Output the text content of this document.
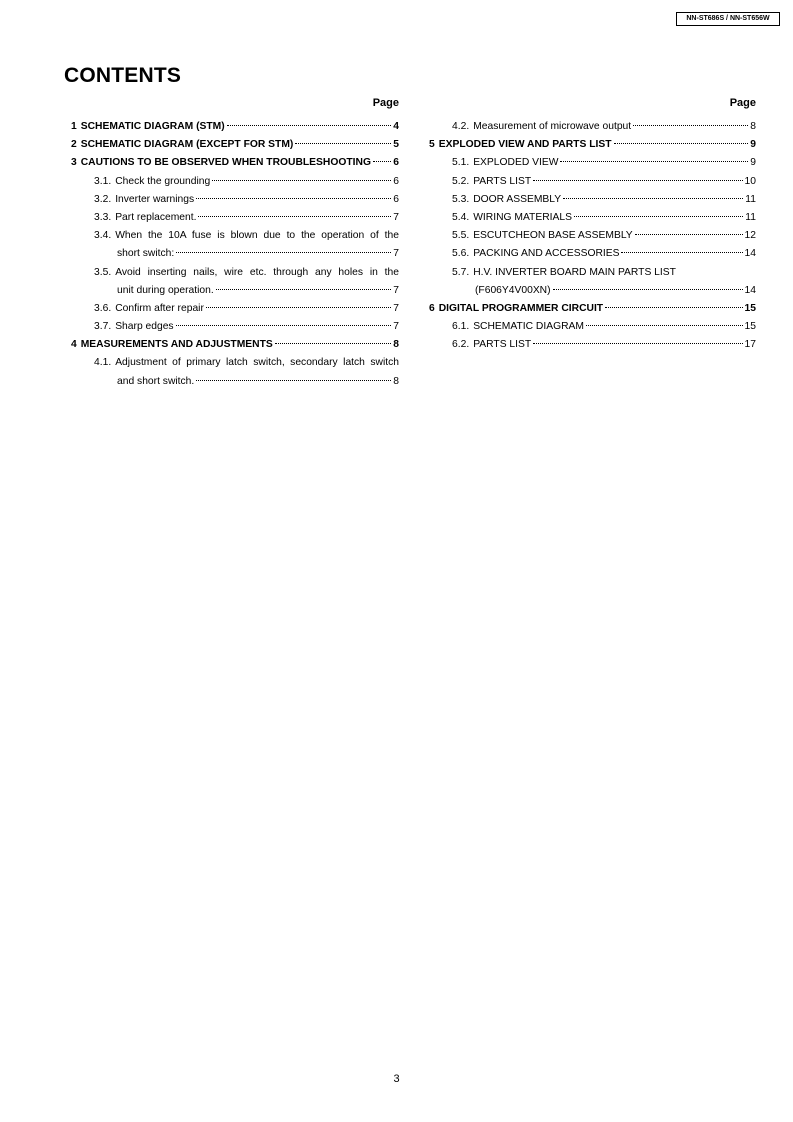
NN-ST686S / NN-ST656W
CONTENTS
Page
1 SCHEMATIC DIAGRAM (STM)	4
2 SCHEMATIC DIAGRAM (EXCEPT FOR STM)	5
3 CAUTIONS TO BE OBSERVED WHEN TROUBLESHOOTING 6
3.1. Check the grounding	6
3.2. Inverter warnings	6
3.3. Part replacement.	7
3.4. When the 10A fuse is blown due to the operation of the
short switch:	7
3.5. Avoid inserting nails, wire etc. through any holes in the
unit during operation.	7
3.6. Confirm after repair	7
3.7. Sharp edges	7
4 MEASUREMENTS AND ADJUSTMENTS	8
4.1. Adjustment of primary latch switch, secondary latch switch
and short switch.	8
Page
4.2. Measurement of microwave output	8
5 EXPLODED VIEW AND PARTS LIST	9
5.1. EXPLODED VIEW	9
5.2. PARTS LIST	10
5.3. DOOR ASSEMBLY	11
5.4. WIRING MATERIALS	11
5.5. ESCUTCHEON BASE ASSEMBLY	12
5.6. PACKING AND ACCESSORIES	14
5.7. H.V. INVERTER BOARD MAIN PARTS LIST
(F606Y4V00XN)	14
6 DIGITAL PROGRAMMER CIRCUIT	15
6.1. SCHEMATIC DIAGRAM	15
6.2. PARTS LIST	17
3
